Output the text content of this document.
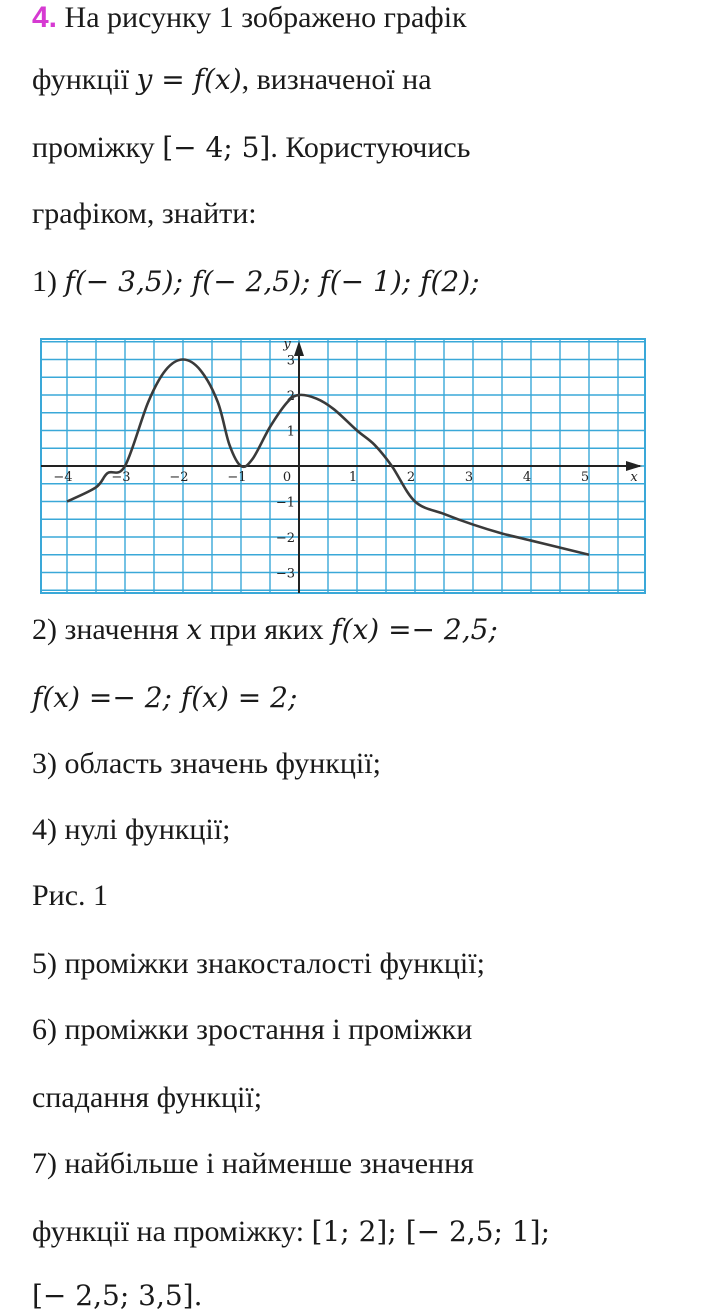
4. На рисунку 1 зображено графік
функції y = f(x), визначеної на
проміжку [− 4; 5]. Користуючись
графіком, знайти:
1) f(− 3,5); f(− 2,5); f(− 1); f(2);
−4	−3	−2	−1	0	1	2	3	4	5
3
2
1
−1
−2
−3
x
y
2) значення x при яких f(x) =− 2,5;
f(x) =− 2; f(x) = 2;
3) область значень функції;
4) нулі функції;
Рис. 1
5) проміжки знакосталості функції;
6) проміжки зростання і проміжки
спадання функції;
7) найбільше і найменше значення
функції на проміжку: [1; 2]; [− 2,5; 1];
[− 2,5; 3,5].
